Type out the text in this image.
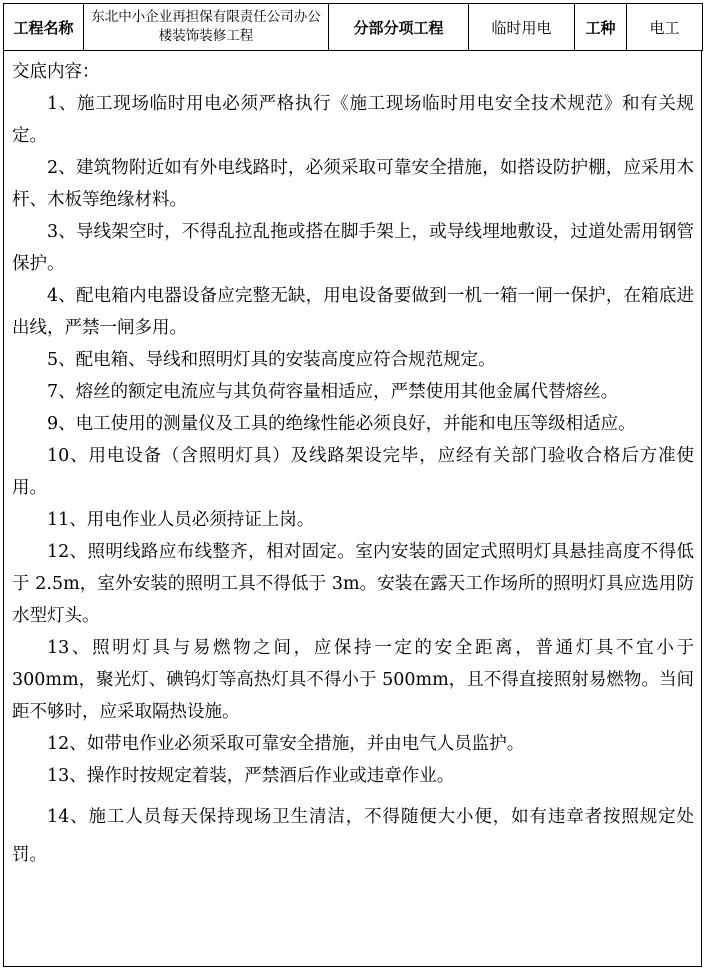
工程名称	东北中小企业再担保有限责任公司办公楼装饰装修工程	分部分项工程	临时用电	工种	电工
交底内容：

1、施工现场临时用电必须严格执行《施工现场临时用电安全技术规范》和有关规定。

2、建筑物附近如有外电线路时，必须采取可靠安全措施，如搭设防护棚，应采用木杆、木板等绝缘材料。

3、导线架空时，不得乱拉乱拖或搭在脚手架上，或导线埋地敷设，过道处需用钢管保护。

4、配电箱内电器设备应完整无缺，用电设备要做到一机一箱一闸一保护，在箱底进出线，严禁一闸多用。

5、配电箱、导线和照明灯具的安装高度应符合规范规定。

7、熔丝的额定电流应与其负荷容量相适应，严禁使用其他金属代替熔丝。

9、电工使用的测量仪及工具的绝缘性能必须良好，并能和电压等级相适应。

10、用电设备（含照明灯具）及线路架设完毕，应经有关部门验收合格后方准使用。

11、用电作业人员必须持证上岗。

12、照明线路应布线整齐，相对固定。室内安装的固定式照明灯具悬挂高度不得低于 2.5m，室外安装的照明工具不得低于 3m。安装在露天工作场所的照明灯具应选用防水型灯头。

13、照明灯具与易燃物之间，应保持一定的安全距离，普通灯具不宜小于 300mm，聚光灯、碘钨灯等高热灯具不得小于 500mm，且不得直接照射易燃物。当间距不够时，应采取隔热设施。

12、如带电作业必须采取可靠安全措施，并由电气人员监护。

13、操作时按规定着装，严禁酒后作业或违章作业。

14、施工人员每天保持现场卫生清洁，不得随便大小便，如有违章者按照规定处罚。
